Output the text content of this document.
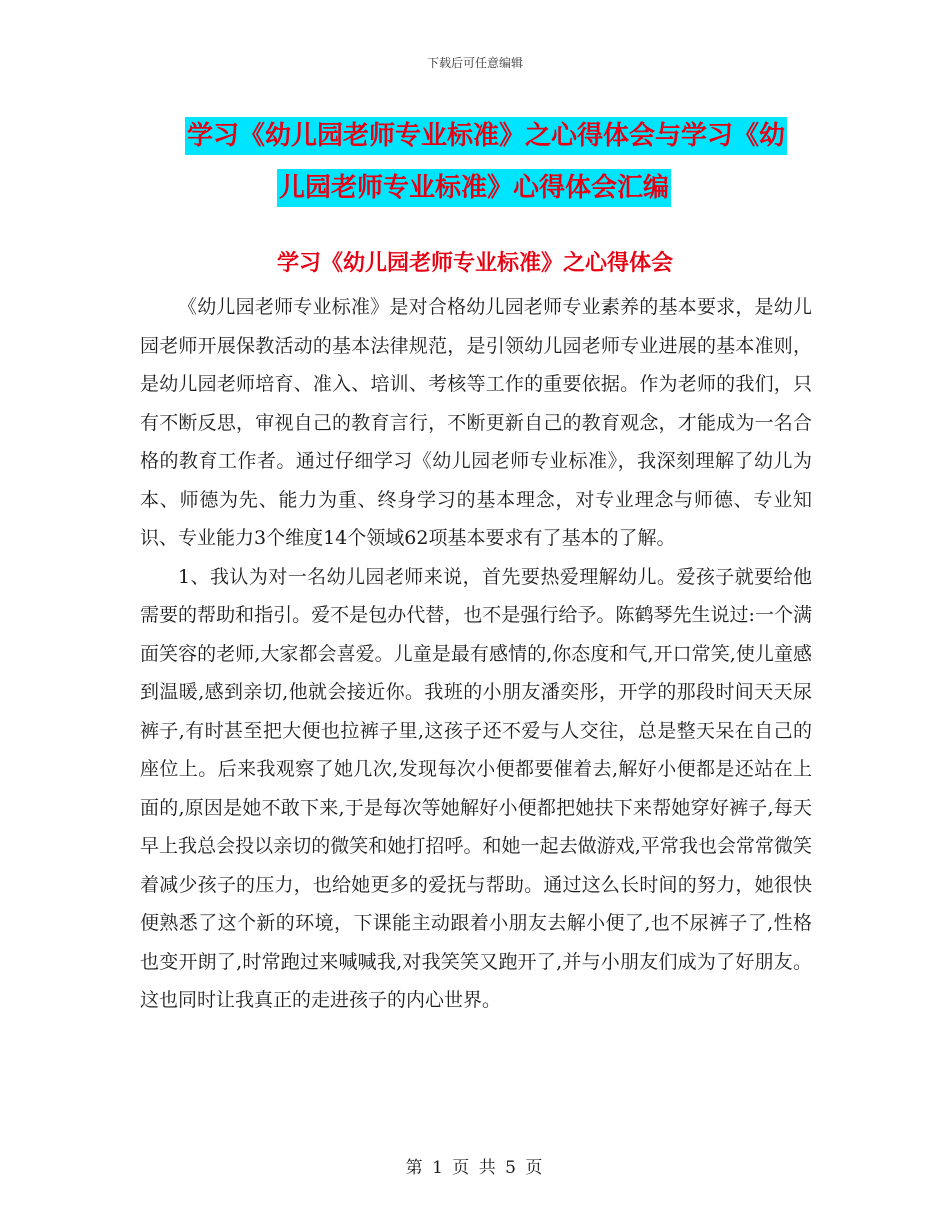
下载后可任意编辑
学习《幼儿园老师专业标准》之心得体会与学习《幼
儿园老师专业标准》心得体会汇编
学习《幼儿园老师专业标准》之心得体会

《幼儿园老师专业标准》是对合格幼儿园老师专业素养的基本要求，是幼儿园老师开展保教活动的基本法律规范，是引领幼儿园老师专业进展的基本准则，是幼儿园老师培育、准入、培训、考核等工作的重要依据。作为老师的我们，只有不断反思，审视自己的教育言行，不断更新自己的教育观念，才能成为一名合格的教育工作者。通过仔细学习《幼儿园老师专业标准》，我深刻理解了幼儿为本、师德为先、能力为重、终身学习的基本理念，对专业理念与师德、专业知识、专业能力3个维度14个领域62项基本要求有了基本的了解。

1、我认为对一名幼儿园老师来说，首先要热爱理解幼儿。爱孩子就要给他需要的帮助和指引。爱不是包办代替，也不是强行给予。陈鹤琴先生说过:一个满面笑容的老师,大家都会喜爱。儿童是最有感情的,你态度和气,开口常笑,使儿童感到温暖,感到亲切,他就会接近你。我班的小朋友潘奕彤，开学的那段时间天天尿裤子,有时甚至把大便也拉裤子里,这孩子还不爱与人交往，总是整天呆在自己的座位上。后来我观察了她几次,发现每次小便都要催着去,解好小便都是还站在上面的,原因是她不敢下来,于是每次等她解好小便都把她扶下来帮她穿好裤子,每天早上我总会投以亲切的微笑和她打招呼。和她一起去做游戏,平常我也会常常微笑着减少孩子的压力，也给她更多的爱抚与帮助。通过这么长时间的努力，她很快便熟悉了这个新的环境，下课能主动跟着小朋友去解小便了,也不尿裤子了,性格也变开朗了,时常跑过来喊喊我,对我笑笑又跑开了,并与小朋友们成为了好朋友。这也同时让我真正的走进孩子的内心世界。

第 1 页 共 5 页
